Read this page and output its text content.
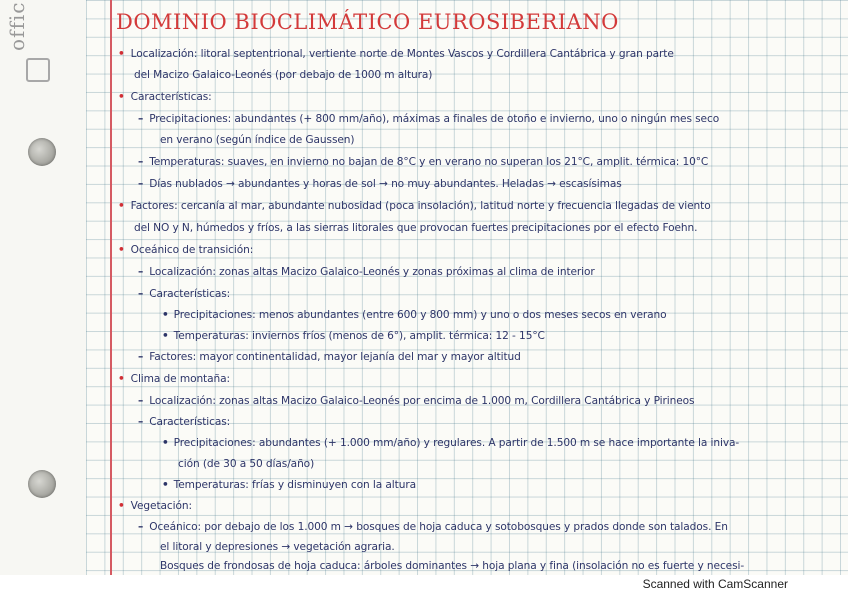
offic	DOMINIO BIOCLIMÁTICO EUROSIBERIANO
• Localización: litoral septentrional, vertiente norte de Montes Vascos y Cordillera Cantábrica y gran parte
del Macizo Galaico-Leonés (por debajo de 1000 m altura)
• Características:
– Precipitaciones: abundantes (+ 800 mm/año), máximas a finales de otoño e invierno, uno o ningún mes seco
en verano (según índice de Gaussen)
– Temperaturas: suaves, en invierno no bajan de 8°C y en verano no superan los 21°C, amplit. térmica: 10°C
– Días nublados → abundantes y horas de sol → no muy abundantes. Heladas → escasísimas
• Factores: cercanía al mar, abundante nubosidad (poca insolación), latitud norte y frecuencia llegadas de viento
del NO y N, húmedos y fríos, a las sierras litorales que provocan fuertes precipitaciones por el efecto Foehn.
• Oceánico de transición:
– Localización: zonas altas Macizo Galaico-Leonés y zonas próximas al clima de interior
– Características:
• Precipitaciones: menos abundantes (entre 600 y 800 mm) y uno o dos meses secos en verano
• Temperaturas: inviernos fríos (menos de 6°), amplit. térmica: 12 - 15°C
– Factores: mayor continentalidad, mayor lejanía del mar y mayor altitud
• Clima de montaña:
– Localización: zonas altas Macizo Galaico-Leonés por encima de 1.000 m, Cordillera Cantábrica y Pirineos
– Características:
• Precipitaciones: abundantes (+ 1.000 mm/año) y regulares. A partir de 1.500 m se hace importante la iniva-
ción (de 30 a 50 días/año)
• Temperaturas: frías y disminuyen con la altura
• Vegetación:
– Oceánico: por debajo de los 1.000 m → bosques de hoja caduca y sotobosques y prados donde son talados. En
el litoral y depresiones → vegetación agraria.
Bosques de frondosas de hoja caduca: árboles dominantes → hoja plana y fina (insolación no es fuerte y necesi-
Scanned with CamScanner
